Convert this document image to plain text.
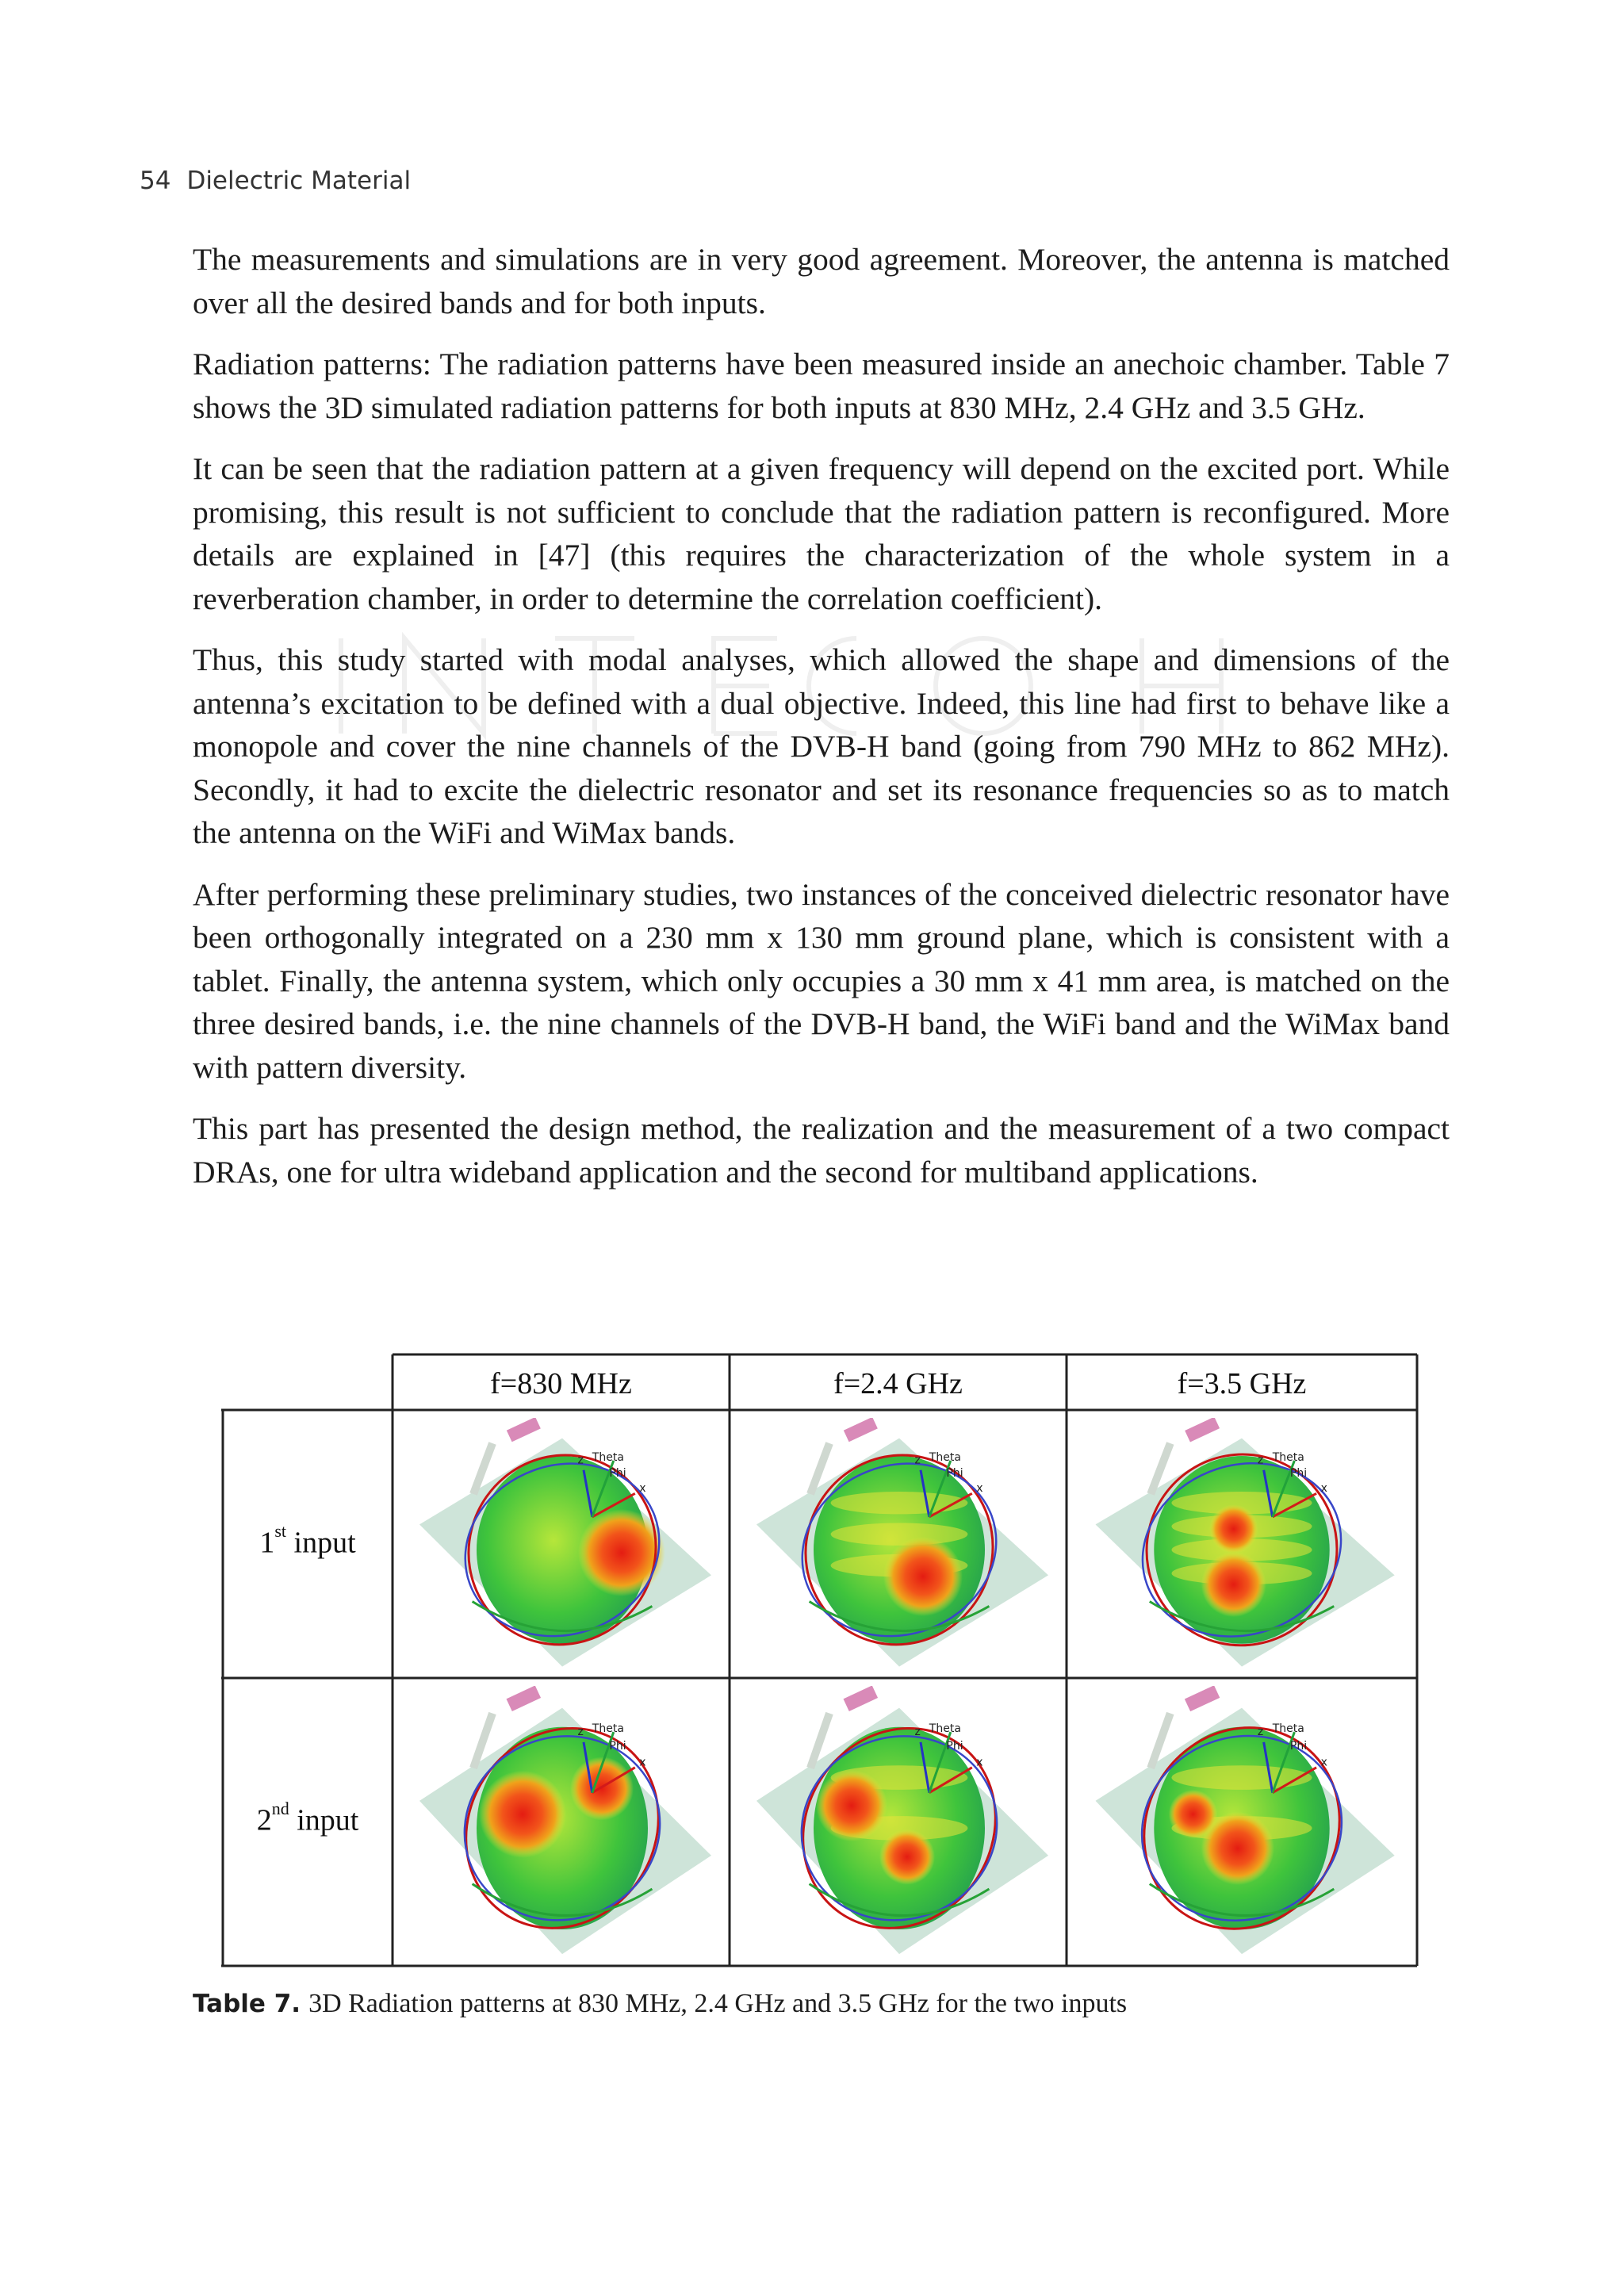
54 Dielectric Material

The measurements and simulations are in very good agreement. Moreover, the antenna is matched over all the desired bands and for both inputs.

Radiation patterns: The radiation patterns have been measured inside an anechoic chamber. Table 7 shows the 3D simulated radiation patterns for both inputs at 830 MHz, 2.4 GHz and 3.5 GHz.

It can be seen that the radiation pattern at a given frequency will depend on the excited port. While promising, this result is not sufficient to conclude that the radiation pattern is reconfigured. More details are explained in [47] (this requires the characterization of the whole system in a reverberation chamber, in order to determine the correlation coefficient).

Thus, this study started with modal analyses, which allowed the shape and dimensions of the antenna’s excitation to be defined with a dual objective. Indeed, this line had first to behave like a monopole and cover the nine channels of the DVB-H band (going from 790 MHz to 862 MHz). Secondly, it had to excite the dielectric resonator and set its resonance frequencies so as to match the antenna on the WiFi and WiMax bands.

After performing these preliminary studies, two instances of the conceived dielectric resonator have been orthogonally integrated on a 230 mm x 130 mm ground plane, which is consistent with a tablet. Finally, the antenna system, which only occupies a 30 mm x 41 mm area, is matched on the three desired bands, i.e. the nine channels of the DVB-H band, the WiFi band and the WiMax band with pattern diversity.

This part has presented the design method, the realization and the measurement of a two compact DRAs, one for ultra wideband application and the second for multiband applications.

f=830 MHz	f=2.4 GHz	f=3.5 GHz
1st input
2nd input
z Theta
Phi
x
z Theta
Phi
x
z Theta
Phi
x
z Theta
Phi
x
z Theta
Phi
x
z Theta
Phi
x
Table 7. 3D Radiation patterns at 830 MHz, 2.4 GHz and 3.5 GHz for the two inputs
